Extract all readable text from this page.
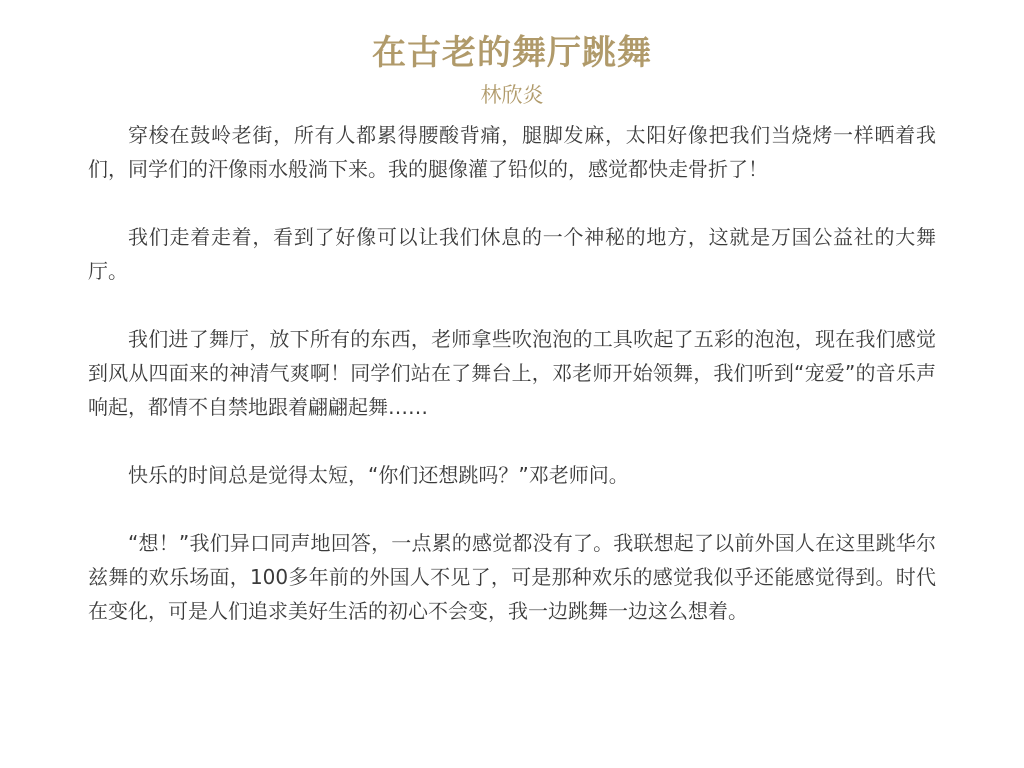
在古老的舞厅跳舞
林欣炎

穿梭在鼓岭老街，所有人都累得腰酸背痛，腿脚发麻，太阳好像把我们当烧烤一样晒着我们，同学们的汗像雨水般淌下来。我的腿像灌了铅似的，感觉都快走骨折了！

我们走着走着，看到了好像可以让我们休息的一个神秘的地方，这就是万国公益社的大舞厅。

我们进了舞厅，放下所有的东西，老师拿些吹泡泡的工具吹起了五彩的泡泡，现在我们感觉到风从四面来的神清气爽啊！同学们站在了舞台上，邓老师开始领舞，我们听到“宠爱”的音乐声响起，都情不自禁地跟着翩翩起舞……

快乐的时间总是觉得太短，“你们还想跳吗？”邓老师问。

“想！”我们异口同声地回答，一点累的感觉都没有了。我联想起了以前外国人在这里跳华尔兹舞的欢乐场面，100多年前的外国人不见了，可是那种欢乐的感觉我似乎还能感觉得到。时代在变化，可是人们追求美好生活的初心不会变，我一边跳舞一边这么想着。
